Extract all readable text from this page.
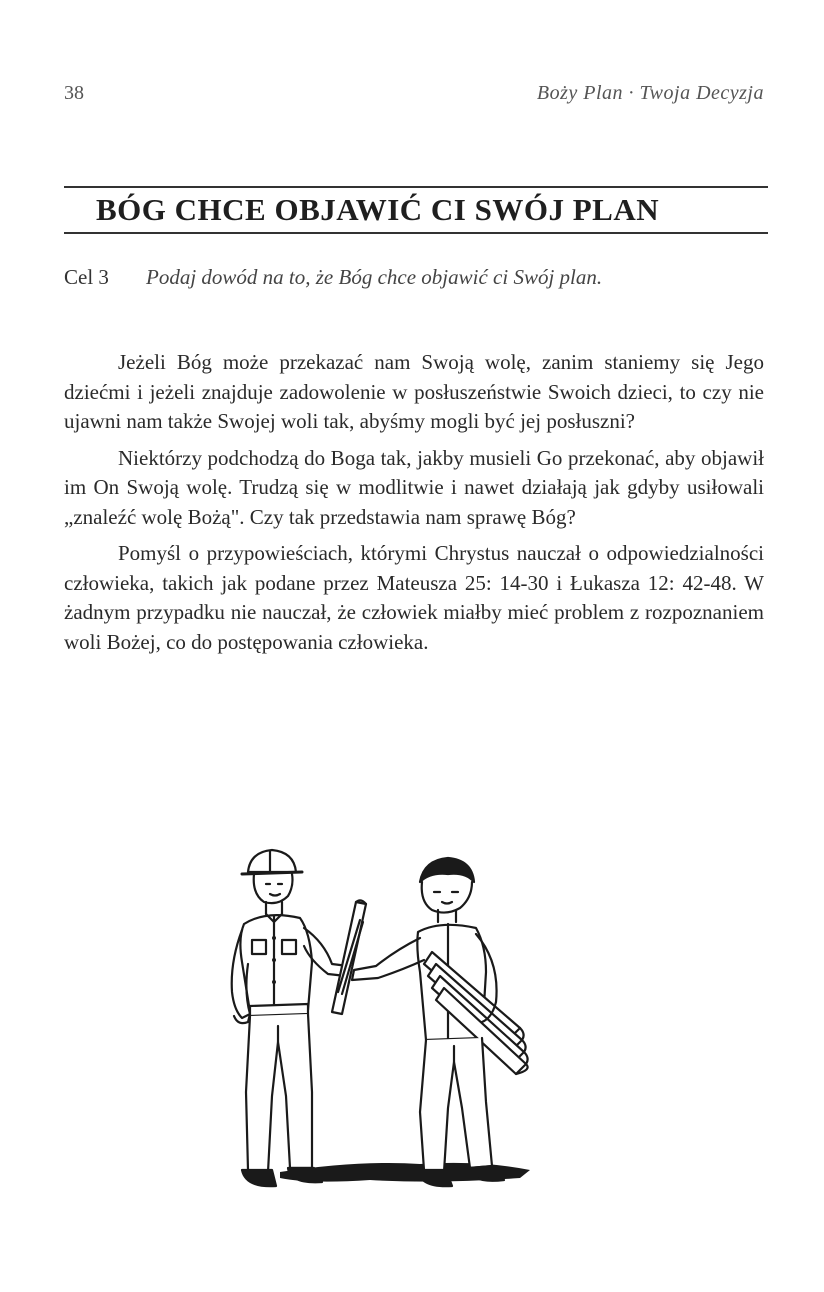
38	Boży Plan · Twoja Decyzja
BÓG CHCE OBJAWIĆ CI SWÓJ PLAN
Cel 3 Podaj dowód na to, że Bóg chce objawić ci Swój plan.

Jeżeli Bóg może przekazać nam Swoją wolę, zanim staniemy się Jego dziećmi i jeżeli znajduje zadowolenie w posłuszeństwie Swoich dzieci, to czy nie ujawni nam także Swojej woli tak, abyśmy mogli być jej posłuszni?

Niektórzy podchodzą do Boga tak, jakby musieli Go przekonać, aby objawił im On Swoją wolę. Trudzą się w modlitwie i nawet działają jak gdyby usiłowali „znaleźć wolę Bożą". Czy tak przedstawia nam sprawę Bóg?

Pomyśl o przypowieściach, którymi Chrystus nauczał o odpowiedzialności człowieka, takich jak podane przez Mateusza 25: 14-30 i Łukasza 12: 42-48. W żadnym przypadku nie nauczał, że człowiek miałby mieć problem z rozpoznaniem woli Bożej, co do postępowania człowieka.
